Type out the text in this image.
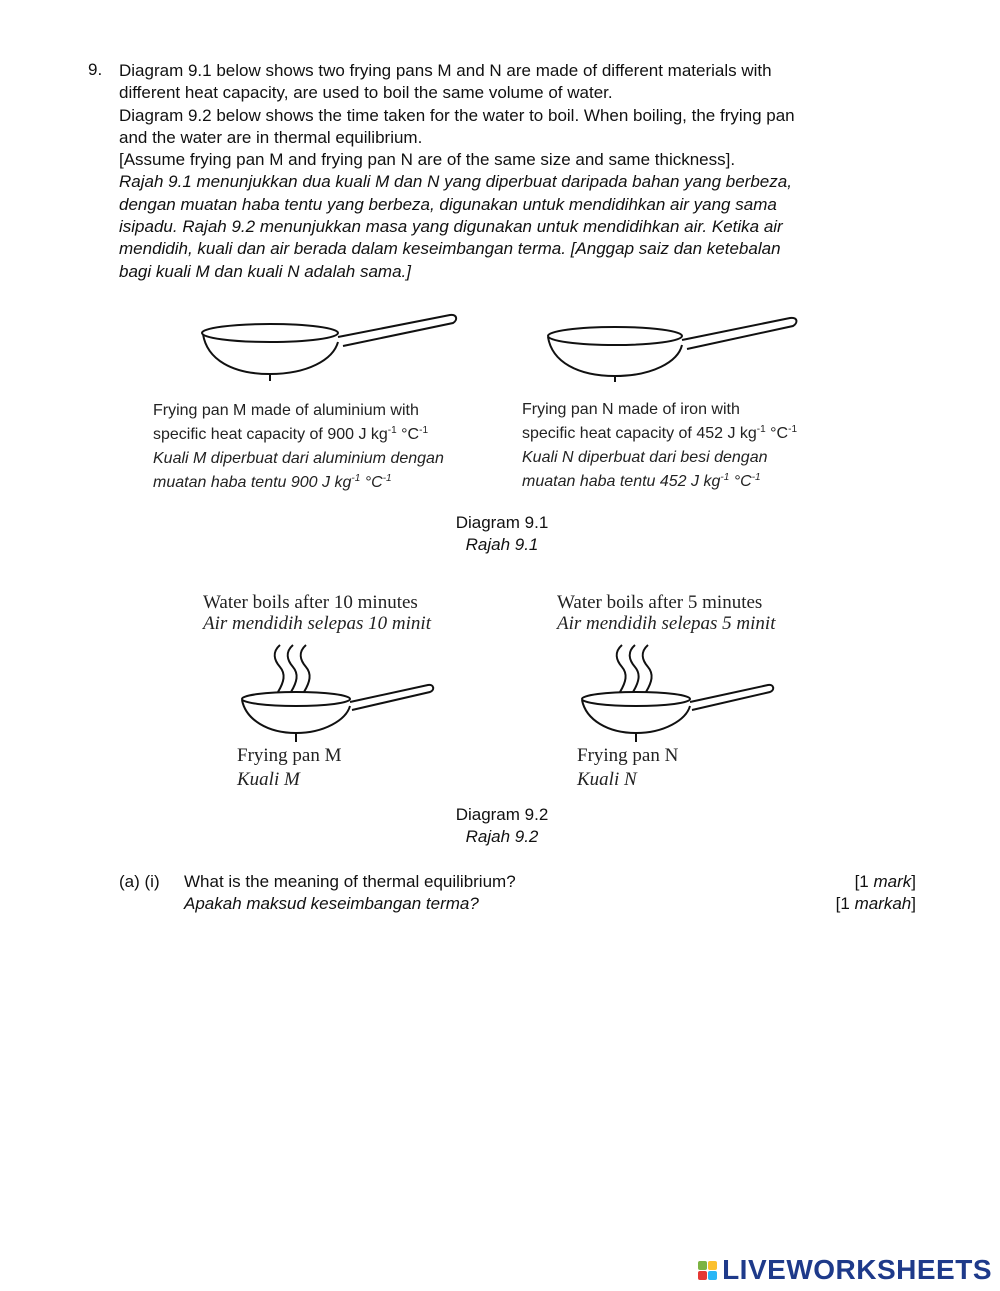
9. Diagram 9.1 below shows two frying pans M and N are made of different materials with

different heat capacity, are used to boil the same volume of water.

Diagram 9.2 below shows the time taken for the water to boil. When boiling, the frying pan

and the water are in thermal equilibrium.

[Assume frying pan M and frying pan N are of the same size and same thickness].

Rajah 9.1 menunjukkan dua kuali M dan N yang diperbuat daripada bahan yang berbeza,

dengan muatan haba tentu yang berbeza, digunakan untuk mendidihkan air yang sama

isipadu. Rajah 9.2 menunjukkan masa yang digunakan untuk mendidihkan air. Ketika air

mendidih, kuali dan air berada dalam keseimbangan terma. [Anggap saiz dan ketebalan

bagi kuali M dan kuali N adalah sama.]

Frying pan M made of aluminium with
specific heat capacity of 900 J $kg^{-1}$ $^\circ C^{-1}$
Kuali M diperbuat dari aluminium dengan
muatan haba tentu 900 J $kg^{-1}$ $^\circ C^{-1}$
Frying pan N made of iron with
specific heat capacity of 452 J $kg^{-1}$ $^\circ C^{-1}$
Kuali N diperbuat dari besi dengan
muatan haba tentu 452 J $kg^{-1}$ $^\circ C^{-1}$
Diagram 9.1
Rajah 9.1
Water boils after 10 minutes
Air mendidih selepas 10 minit
Water boils after 5 minutes
Air mendidih selepas 5 minit
Frying pan M
Kuali M
Frying pan N
Kuali N
Diagram 9.2
Rajah 9.2
(a) (i) What is the meaning of thermal equilibrium?
Apakah maksud keseimbangan terma?
[1 mark]
[1 markah]
LIVEWORKSHEETS
